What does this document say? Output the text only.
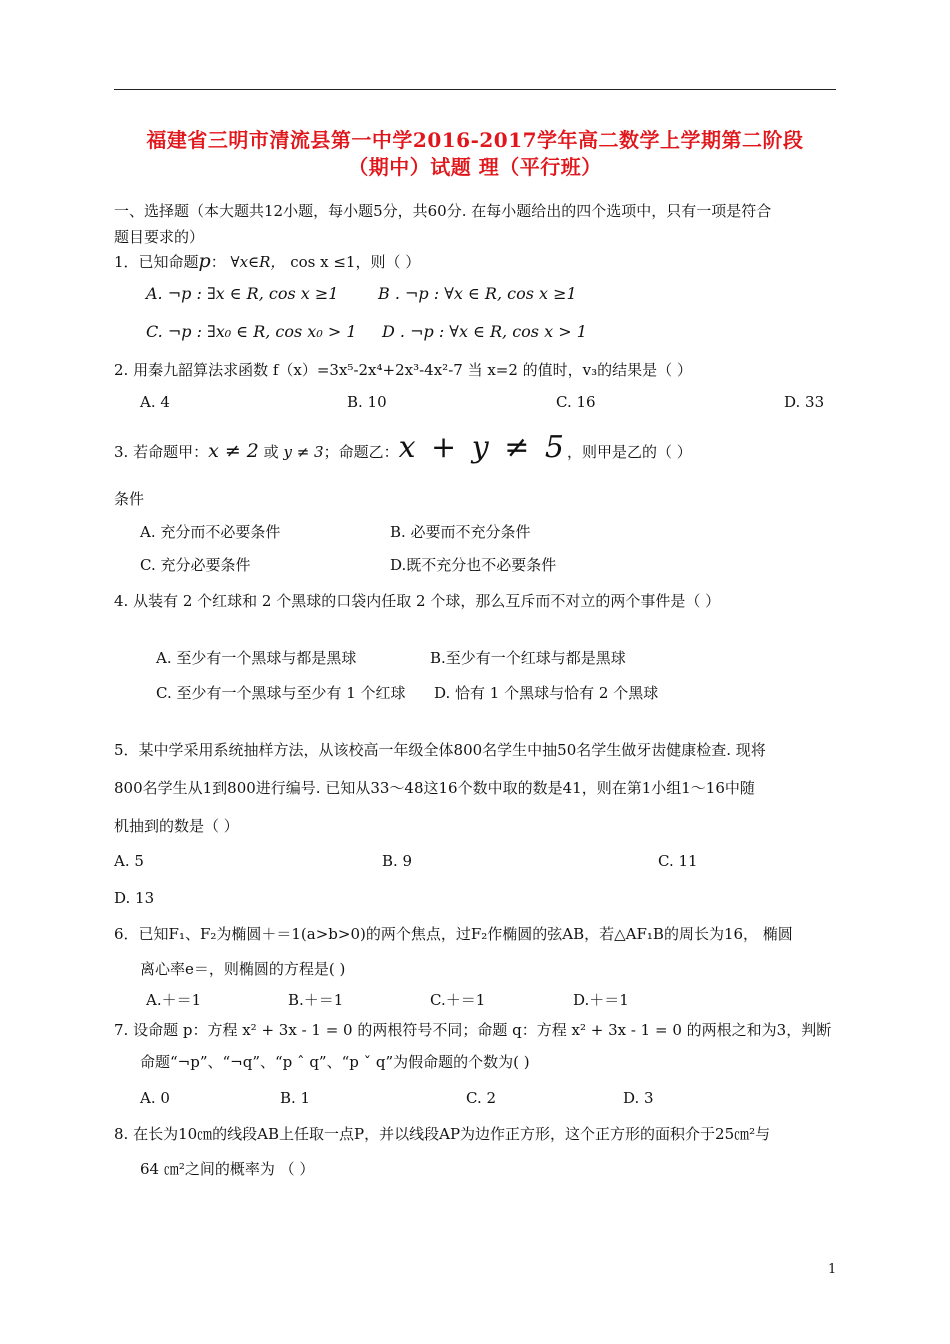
福建省三明市清流县第一中学2016-2017学年高二数学上学期第二阶段
（期中）试题 理（平行班）
一、选择题（本大题共12小题，每小题5分，共60分. 在每小题给出的四个选项中，只有一项是符合
题目要求的）
1．已知命题p： ∀x∈R， cos x ≤1，则（ ）
A. ¬p : ∃x ∈ R, cos x ≥1 B . ¬p : ∀x ∈ R, cos x ≥1
C. ¬p : ∃x₀ ∈ R, cos x₀ > 1 D . ¬p : ∀x ∈ R, cos x > 1
2. 用秦九韶算法求函数 f（x）=3x⁵-2x⁴+2x³-4x²-7 当 x=2 的值时，v₃的结果是（ ）
A. 4	B. 10	C. 16	D. 33
3. 若命题甲：x ≠ 2 或 y ≠ 3；命题乙：x + y ≠ 5，则甲是乙的（ ）
条件
A. 充分而不必要条件	B. 必要而不充分条件
C. 充分必要条件	D.既不充分也不必要条件
4. 从装有 2 个红球和 2 个黑球的口袋内任取 2 个球，那么互斥而不对立的两个事件是（ ）
A. 至少有一个黑球与都是黑球	B.至少有一个红球与都是黑球
C. 至少有一个黑球与至少有 1 个红球 D. 恰有 1 个黑球与恰有 2 个黑球
5．某中学采用系统抽样方法，从该校高一年级全体800名学生中抽50名学生做牙齿健康检查. 现将
800名学生从1到800进行编号. 已知从33～48这16个数中取的数是41，则在第1小组1～16中随
机抽到的数是（ ）
A. 5	B. 9	C. 11
D. 13
6．已知F₁、F₂为椭圆＋＝1(a>b>0)的两个焦点，过F₂作椭圆的弦AB，若△AF₁B的周长为16， 椭圆
离心率e＝，则椭圆的方程是( )
A.＋＝1	B.＋＝1	C.＋＝1	D.＋＝1
7. 设命题 p：方程 x² + 3x - 1 = 0 的两根符号不同；命题 q：方程 x² + 3x - 1 = 0 的两根之和为3，判断
命题“¬p”、“¬q”、“p ˆ q”、“p ˇ q”为假命题的个数为( )
A. 0	B. 1	C. 2	D. 3
8. 在长为10㎝的线段AB上任取一点P，并以线段AP为边作正方形，这个正方形的面积介于25㎝²与
64 ㎝²之间的概率为 （ ）
1
